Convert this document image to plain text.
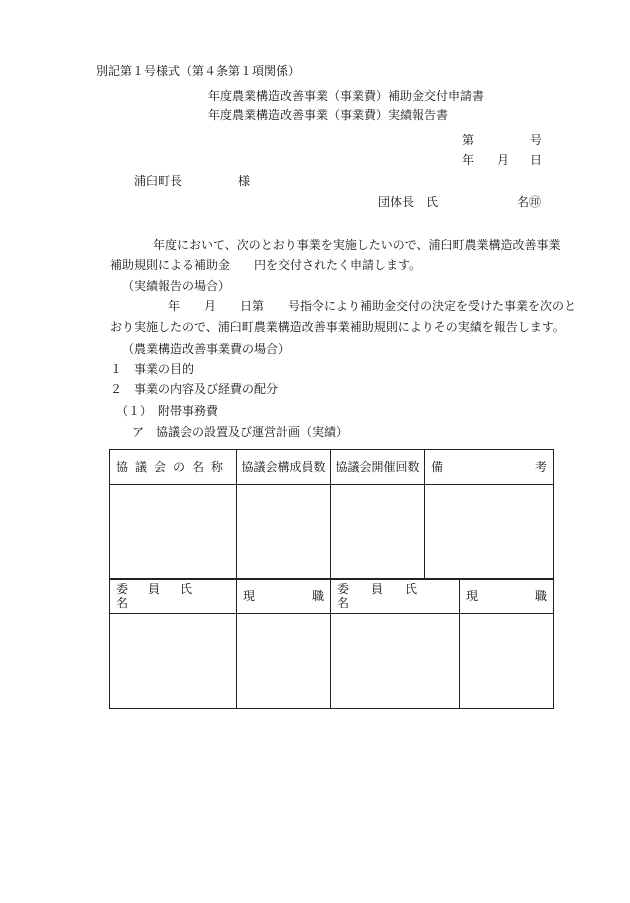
別記第１号様式（第４条第１項関係）
年度農業構造改善事業（事業費）補助金交付申請書
年度農業構造改善事業（事業費）実績報告書
第	号
年 月 日
浦臼町長	様
団体長　氏	名㊞
年度において、次のとおり事業を実施したいので、浦臼町農業構造改善事業
補助規則による補助金　　円を交付されたく申請します。
（実績報告の場合）
年　　月　　日第　　号指令により補助金交付の決定を受けた事業を次のと
おり実施したので、浦臼町農業構造改善事業補助規則によりその実績を報告します。
（農業構造改善事業費の場合）
１　事業の目的
２　事業の内容及び経費の配分
（１）　附帯事務費
ア　協議会の設置及び運営計画（実績）
協議会の名称	協議会構成員数	協議会開催回数	備 考

委員氏名	現 職	委員氏名	現 職
